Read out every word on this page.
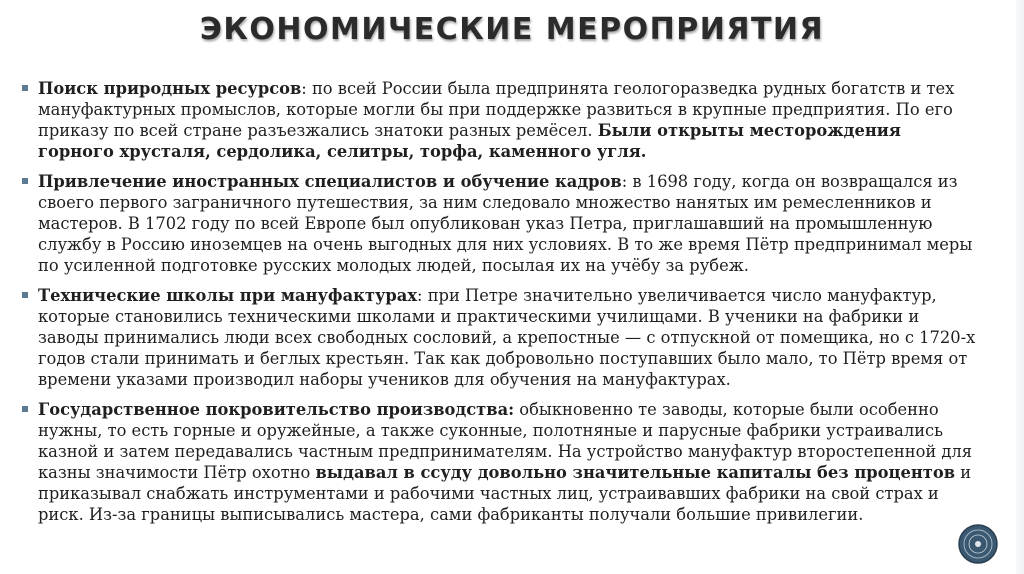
ЭКОНОМИЧЕСКИЕ МЕРОПРИЯТИЯ
Поиск природных ресурсов: по всей России была предпринята геологоразведка рудных богатств и тех мануфактурных промыслов, которые могли бы при поддержке развиться в крупные предприятия. По его приказу по всей стране разъезжались знатоки разных ремёсел. Были открыты месторождения горного хрусталя, сердолика, селитры, торфа, каменного угля.
Привлечение иностранных специалистов и обучение кадров: в 1698 году, когда он возвращался из своего первого заграничного путешествия, за ним следовало множество нанятых им ремесленников и мастеров. В 1702 году по всей Европе был опубликован указ Петра, приглашавший на промышленную службу в Россию иноземцев на очень выгодных для них условиях. В то же время Пётр предпринимал меры по усиленной подготовке русских молодых людей, посылая их на учёбу за рубеж.
Технические школы при мануфактурах: при Петре значительно увеличивается число мануфактур, которые становились техническими школами и практическими училищами. В ученики на фабрики и заводы принимались люди всех свободных сословий, а крепостные — с отпускной от помещика, но с 1720-х годов стали принимать и беглых крестьян. Так как добровольно поступавших было мало, то Пётр время от времени указами производил наборы учеников для обучения на мануфактурах.
Государственное покровительство производства: обыкновенно те заводы, которые были особенно нужны, то есть горные и оружейные, а также суконные, полотняные и парусные фабрики устраивались казной и затем передавались частным предпринимателям. На устройство мануфактур второстепенной для казны значимости Пётр охотно выдавал в ссуду довольно значительные капиталы без процентов и приказывал снабжать инструментами и рабочими частных лиц, устраивавших фабрики на свой страх и риск. Из-за границы выписывались мастера, сами фабриканты получали большие привилегии.
